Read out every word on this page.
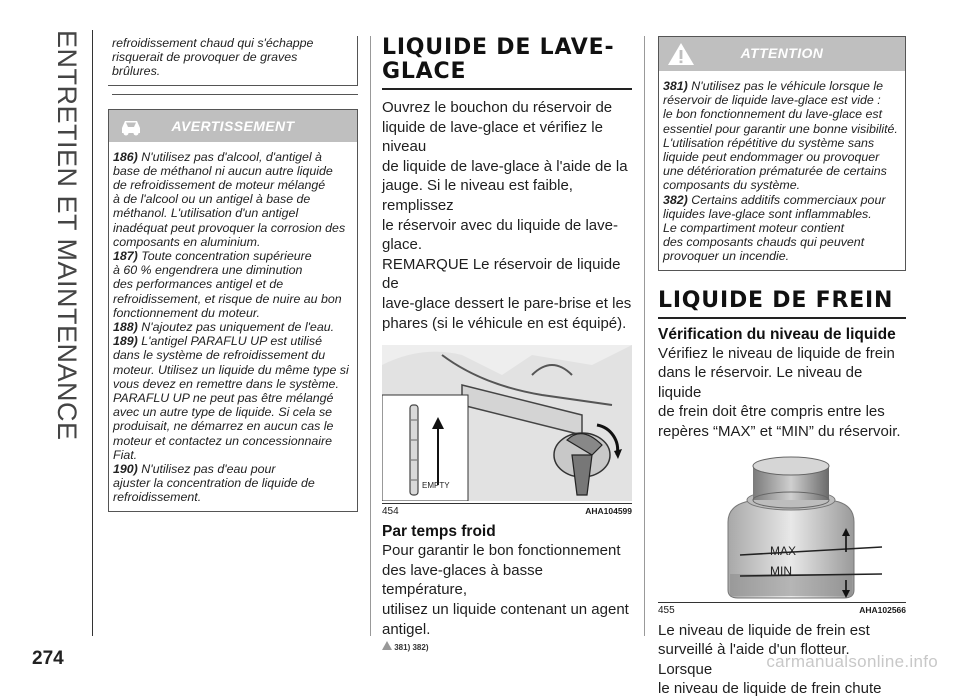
ENTRETIEN ET MAINTENANCE
274	carmanualsonline.info
refroidissement chaud qui s'échappe
risquerait de provoquer de graves
brûlures.
AVERTISSEMENT
186) N'utilisez pas d'alcool, d'antigel à
base de méthanol ni aucun autre liquide
de refroidissement de moteur mélangé
à de l'alcool ou un antigel à base de
méthanol. L'utilisation d'un antigel
inadéquat peut provoquer la corrosion des
composants en aluminium.
187) Toute concentration supérieure
à 60 % engendrera une diminution
des performances antigel et de
refroidissement, et risque de nuire au bon
fonctionnement du moteur.
188) N'ajoutez pas uniquement de l'eau.
189) L'antigel PARAFLU UP est utilisé
dans le système de refroidissement du
moteur. Utilisez un liquide du même type si
vous devez en remettre dans le système.
PARAFLU UP ne peut pas être mélangé
avec un autre type de liquide. Si cela se
produisait, ne démarrez en aucun cas le
moteur et contactez un concessionnaire
Fiat.
190) N'utilisez pas d'eau pour
ajuster la concentration de liquide de
refroidissement.
LIQUIDE DE LAVE-
GLACE
Ouvrez le bouchon du réservoir de
liquide de lave-glace et vérifiez le niveau
de liquide de lave-glace à l'aide de la
jauge. Si le niveau est faible, remplissez
le réservoir avec du liquide de lave-
glace.
REMARQUE Le réservoir de liquide de
lave-glace dessert le pare-brise et les
phares (si le véhicule en est équipé).
EMPTY
454	AHA104599
Par temps froid
Pour garantir le bon fonctionnement
des lave-glaces à basse température,
utilisez un liquide contenant un agent
antigel.
381) 382)
ATTENTION
381) N'utilisez pas le véhicule lorsque le
réservoir de liquide lave-glace est vide :
le bon fonctionnement du lave-glace est
essentiel pour garantir une bonne visibilité.
L'utilisation répétitive du système sans
liquide peut endommager ou provoquer
une détérioration prématurée de certains
composants du système.
382) Certains additifs commerciaux pour
liquides lave-glace sont inflammables.
Le compartiment moteur contient
des composants chauds qui peuvent
provoquer un incendie.
LIQUIDE DE FREIN
Vérification du niveau de liquide
Vérifiez le niveau de liquide de frein
dans le réservoir. Le niveau de liquide
de frein doit être compris entre les
repères “MAX” et “MIN” du réservoir.
MAX
MIN
455	AHA102566
Le niveau de liquide de frein est
surveillé à l'aide d'un flotteur. Lorsque
le niveau de liquide de frein chute
